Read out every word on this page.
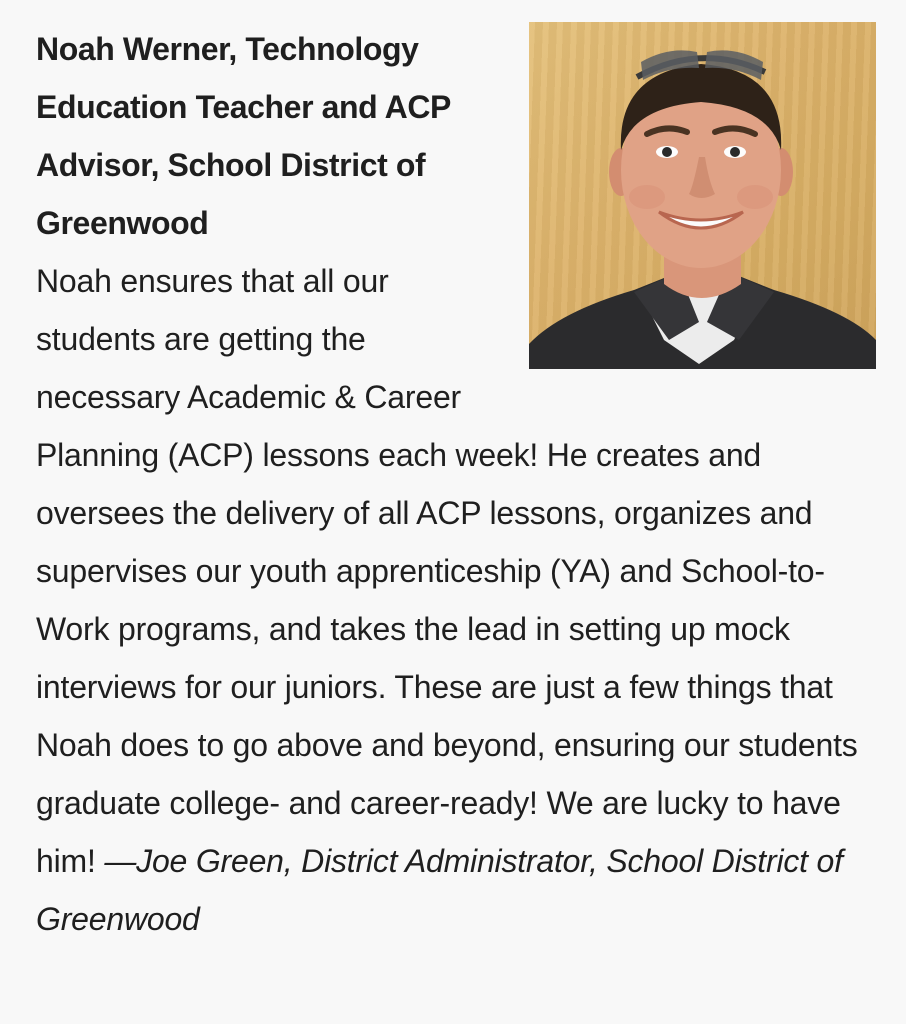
Noah Werner, Technology Education Teacher and ACP Advisor, School District of Greenwood
Noah ensures that all our students are getting the necessary Academic & Career Planning (ACP) lessons each week! He creates and oversees the delivery of all ACP lessons, organizes and supervises our youth apprenticeship (YA) and School-to-Work programs, and takes the lead in setting up mock interviews for our juniors. These are just a few things that Noah does to go above and beyond, ensuring our students graduate college- and career-ready! We are lucky to have him! —Joe Green, District Administrator, School District of Greenwood
